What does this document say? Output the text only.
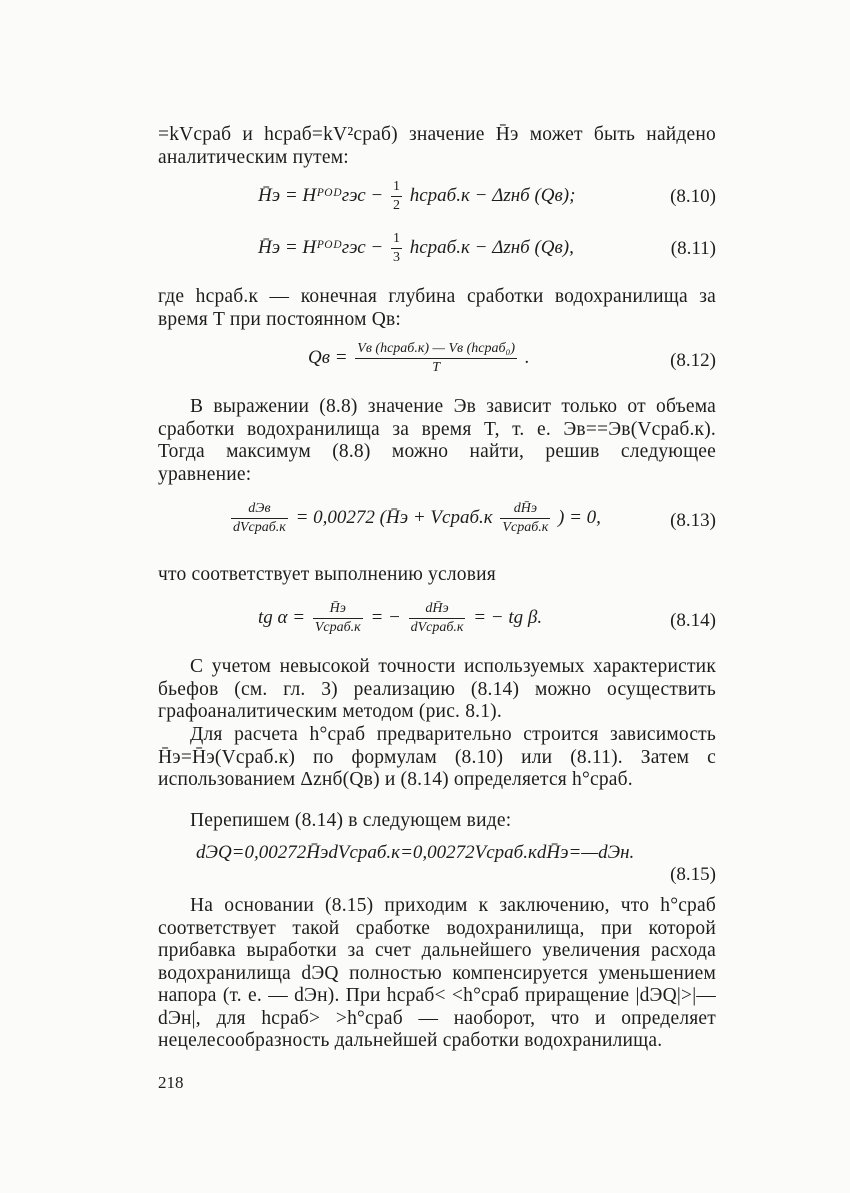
=kVсраб и hсраб=kV²сраб) значение H̄э может быть найдено аналитическим путем:
H̄э = Hᴾᴼᴰгэс − $\frac{1}{2}$ hсраб.к − Δzнб (Qв);	(8.10)
H̄э = Hᴾᴼᴰгэс − $\frac{1}{3}$ hсраб.к − Δzнб (Qв),	(8.11)
где hсраб.к — конечная глубина сработки водохранилища за время T при постоянном Qв:
Qв = $\frac{\text{Vв (hсраб.к) — Vв (hсраб₀)}}{T}$ .	(8.12)
В выражении (8.8) значение Эв зависит только от объема сработки водохранилища за время T, т. е. Эв==Эв(Vсраб.к). Тогда максимум (8.8) можно найти, решив следующее уравнение:
$\frac{\text{dЭв}}{\text{dVсраб.к}} = 0,00272$ (H̄э + Vсраб.к $\frac{dH̄э}{\text{Vсраб.к}}$ ) = 0,	(8.13)
что соответствует выполнению условия
tg $\alpha = \frac{H̄э}{\text{Vсраб.к}}$ = − $\frac{dH̄э}{\text{dVсраб.к}}$ = − tg β.	(8.14)
С учетом невысокой точности используемых характеристик бьефов (см. гл. 3) реализацию (8.14) можно осуществить графоаналитическим методом (рис. 8.1).
Для расчета h°сраб предварительно строится зависимость H̄э=H̄э(Vсраб.к) по формулам (8.10) или (8.11). Затем с использованием Δzнб(Qв) и (8.14) определяется h°сраб.
Перепишем (8.14) в следующем виде:
dЭQ=0,00272H̄эdVсраб.к=0,00272Vсраб.кdH̄э=—dЭн.
(8.15)
На основании (8.15) приходим к заключению, что h°сраб соответствует такой сработке водохранилища, при которой прибавка выработки за счет дальнейшего увеличения расхода водохранилища dЭQ полностью компенсируется уменьшением напора (т. е. — dЭн). При hсраб< <h°сраб приращение |dЭQ|>|—dЭн|, для hсраб> >h°сраб — наоборот, что и определяет нецелесообразность дальнейшей сработки водохранилища.
218
